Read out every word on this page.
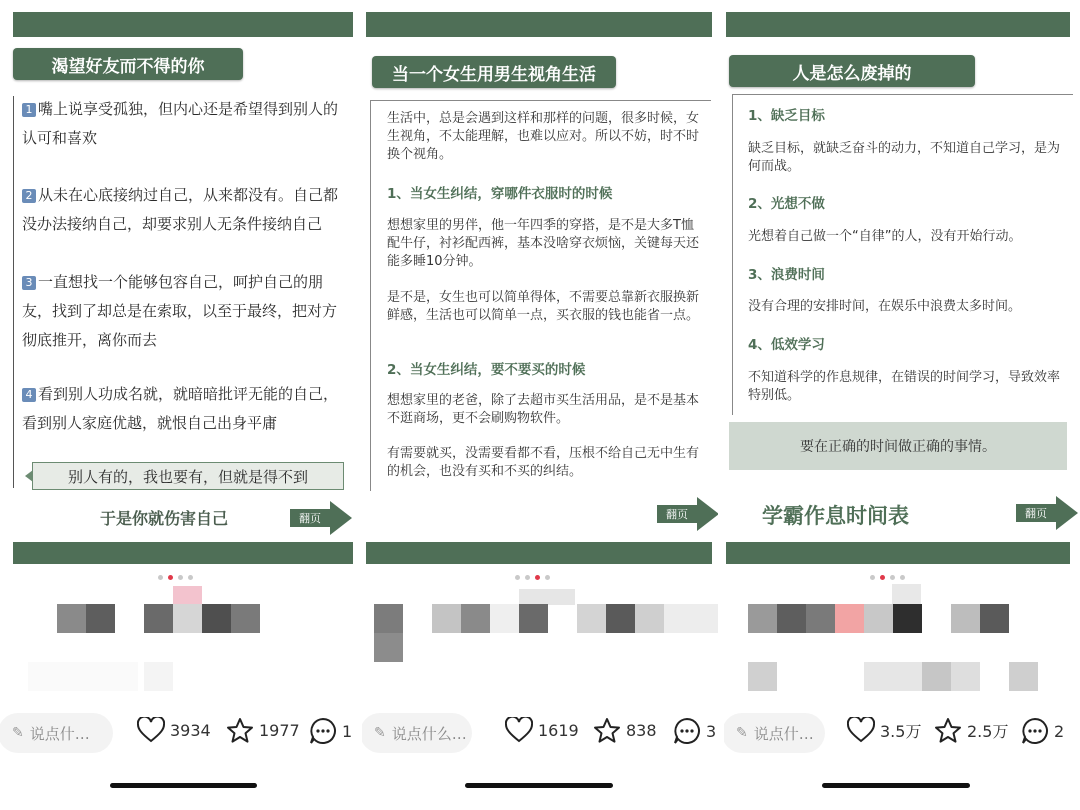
渴望好友而不得的你
1 嘴上说享受孤独，但内心还是希望得到别人的
认可和喜欢
2 从未在心底接纳过自己，从来都没有。自己都
没办法接纳自己，却要求别人无条件接纳自己
3 一直想找一个能够包容自己，呵护自己的朋
友，找到了却总是在索取，以至于最终，把对方
彻底推开，离你而去
4 看到别人功成名就，就暗暗批评无能的自己，
看到别人家庭优越，就恨自己出身平庸
别人有的，我也要有，但就是得不到
于是你就伤害自己	翻页
✎ 说点什…	3934	1977	1
当一个女生用男生视角生活
生活中，总是会遇到这样和那样的问题，很多时候，女生视角，不太能理解，也难以应对。所以不妨，时不时换个视角。
1、当女生纠结，穿哪件衣服时的时候
想想家里的男伴，他一年四季的穿搭，是不是大多T恤配牛仔，衬衫配西裤，基本没啥穿衣烦恼，关键每天还能多睡10分钟。
是不是，女生也可以简单得体，不需要总靠新衣服换新鲜感，生活也可以简单一点，买衣服的钱也能省一点。
2、当女生纠结，要不要买的时候
想想家里的老爸，除了去超市买生活用品，是不是基本不逛商场，更不会刷购物软件。
有需要就买，没需要看都不看，压根不给自己无中生有的机会，也没有买和不买的纠结。
翻页
✎ 说点什么…	1619	838	3
人是怎么废掉的
1、缺乏目标
缺乏目标，就缺乏奋斗的动力，不知道自己学习，是为何而战。
2、光想不做
光想着自己做一个“自律”的人，没有开始行动。
3、浪费时间
没有合理的安排时间，在娱乐中浪费太多时间。
4、低效学习
不知道科学的作息规律，在错误的时间学习，导致效率特别低。
要在正确的时间做正确的事情。
学霸作息时间表	翻页
✎ 说点什…	3.5万	2.5万	2
